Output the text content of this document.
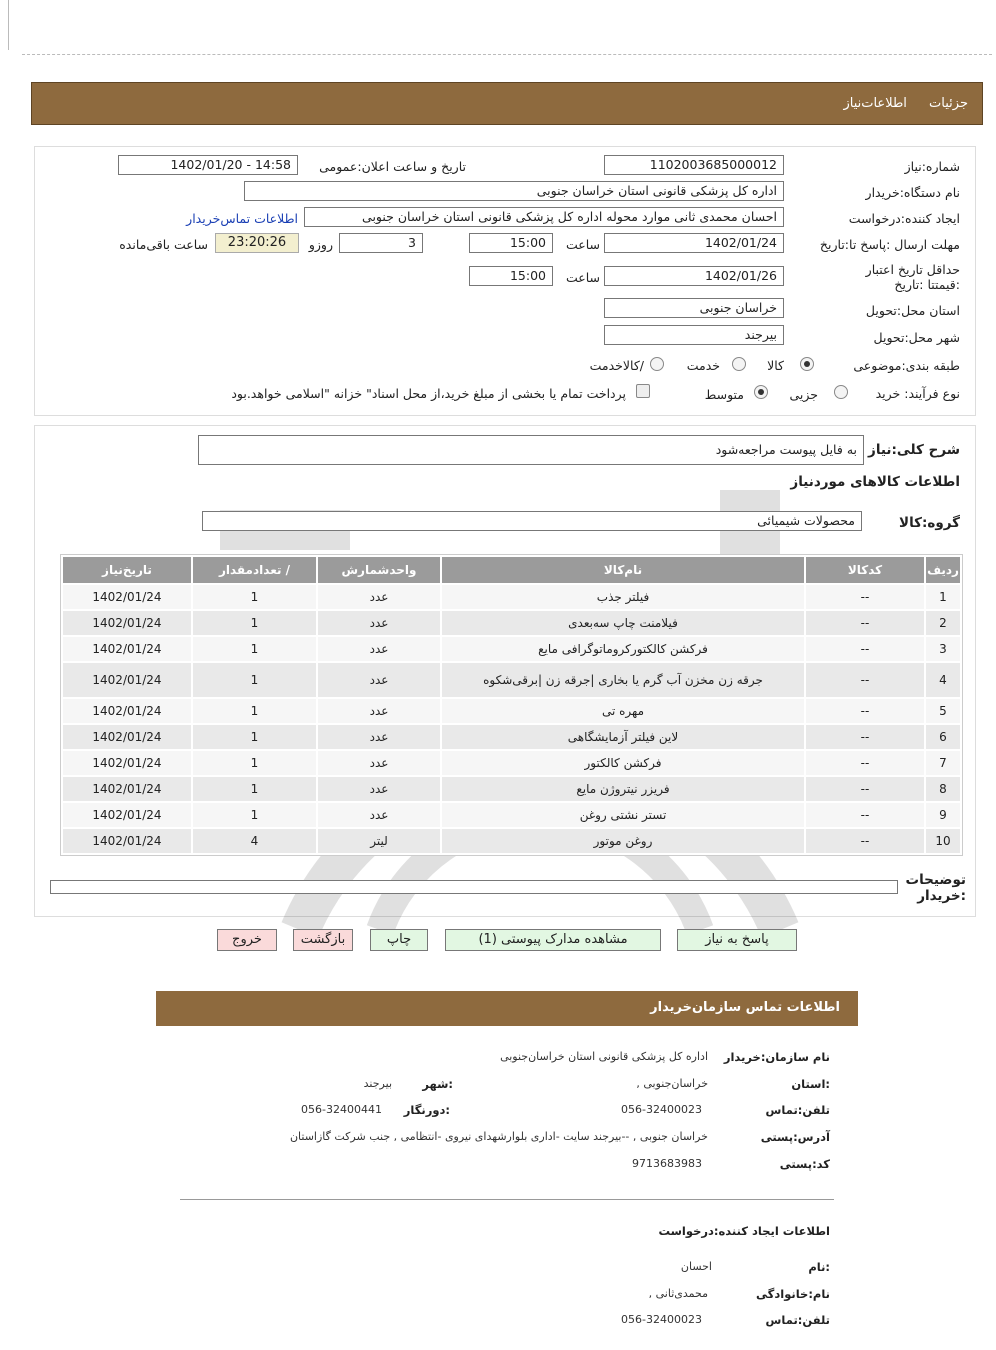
جزئیات اطلاعات‌نیاز
شماره:نیاز
1102003685000012
تاریخ و ساعت اعلان:عمومی
1402/01/20 - 14:58
نام دستگاه:خریدار
اداره کل پزشکی قانونی استان خراسان جنوبی
ایجاد کننده:درخواست
احسان محمدی ثانی موارد محوله اداره کل پزشکی قانونی استان خراسان جنوبی
اطلاعات تماس‌خریدار
مهلت ارسال :پاسخ تا:تاریخ
1402/01/24
ساعت
15:00
3
روزو
23:20:26
ساعت باقی‌مانده
حداقل تاریخ اعتبار :قیمتتا :تاریخ
1402/01/26
ساعت
15:00
استان محل:تحویل
خراسان جنوبی
شهر محل:تحویل
بیرجند
طبقه بندی:موضوعی
کالا
خدمت
/کالاخدمت
نوع فرآیند: خرید
جزیی
متوسط
پرداخت تمام یا بخشی از مبلغ خرید،از محل اسناد" خزانه "اسلامی خواهد.بود
شرح کلی:نیاز
به فایل پیوست مراجعه‌شود
اطلاعات کالاهای موردنیاز
گروه:کالا
محصولات شیمیائی
ردیف	کدکالا	نام‌کالا	واحدشمارش	/ تعدادمقدار	تاریخ‌نیاز
1	--	فیلتر جذب	عدد	1	1402/01/24
2	--	فیلامنت چاپ سه‌بعدی	عدد	1	1402/01/24
3	--	فرکشن کالکتورکروماتوگرافی مایع	عدد	1	1402/01/24
4	--	جرقه زن مخزن آب گرم یا بخاری |جرقه زن |برقی‌شکوه	عدد	1	1402/01/24
5	--	مهره تی	عدد	1	1402/01/24
6	--	لاین فیلتر آزمایشگاهی	عدد	1	1402/01/24
7	--	فرکشن کالکتور	عدد	1	1402/01/24
8	--	فریزر نیتروژن مایع	عدد	1	1402/01/24
9	--	تستر نشتی روغن	عدد	1	1402/01/24
10	--	روغن موتور	لیتر	4	1402/01/24
توضیحات :خریدار
پاسخ به نیاز
مشاهده مدارک پیوستی (1)
چاپ
بازگشت
خروج
اطلاعات تماس سازمان‌خریدار
نام سازمان:خریدار
اداره کل پزشکی قانونی استان خراسان‌جنوبی
:استان
خراسان‌جنوبی ,
:شهر
بیرجند
تلفن:تماس
056-32400023
:دورنگار
056-32400441
آدرس:پستی
خراسان جنوبی , --بیرجند سایت -اداری بلوارشهدای نیروی -انتظامی , جنب شرکت گازاستان
کد:پستی
9713683983
اطلاعات ایجاد کننده:درخواست
:نام
احسان
نام:خانوادگی
محمدی‌ثانی ,
تلفن:تماس
056-32400023
